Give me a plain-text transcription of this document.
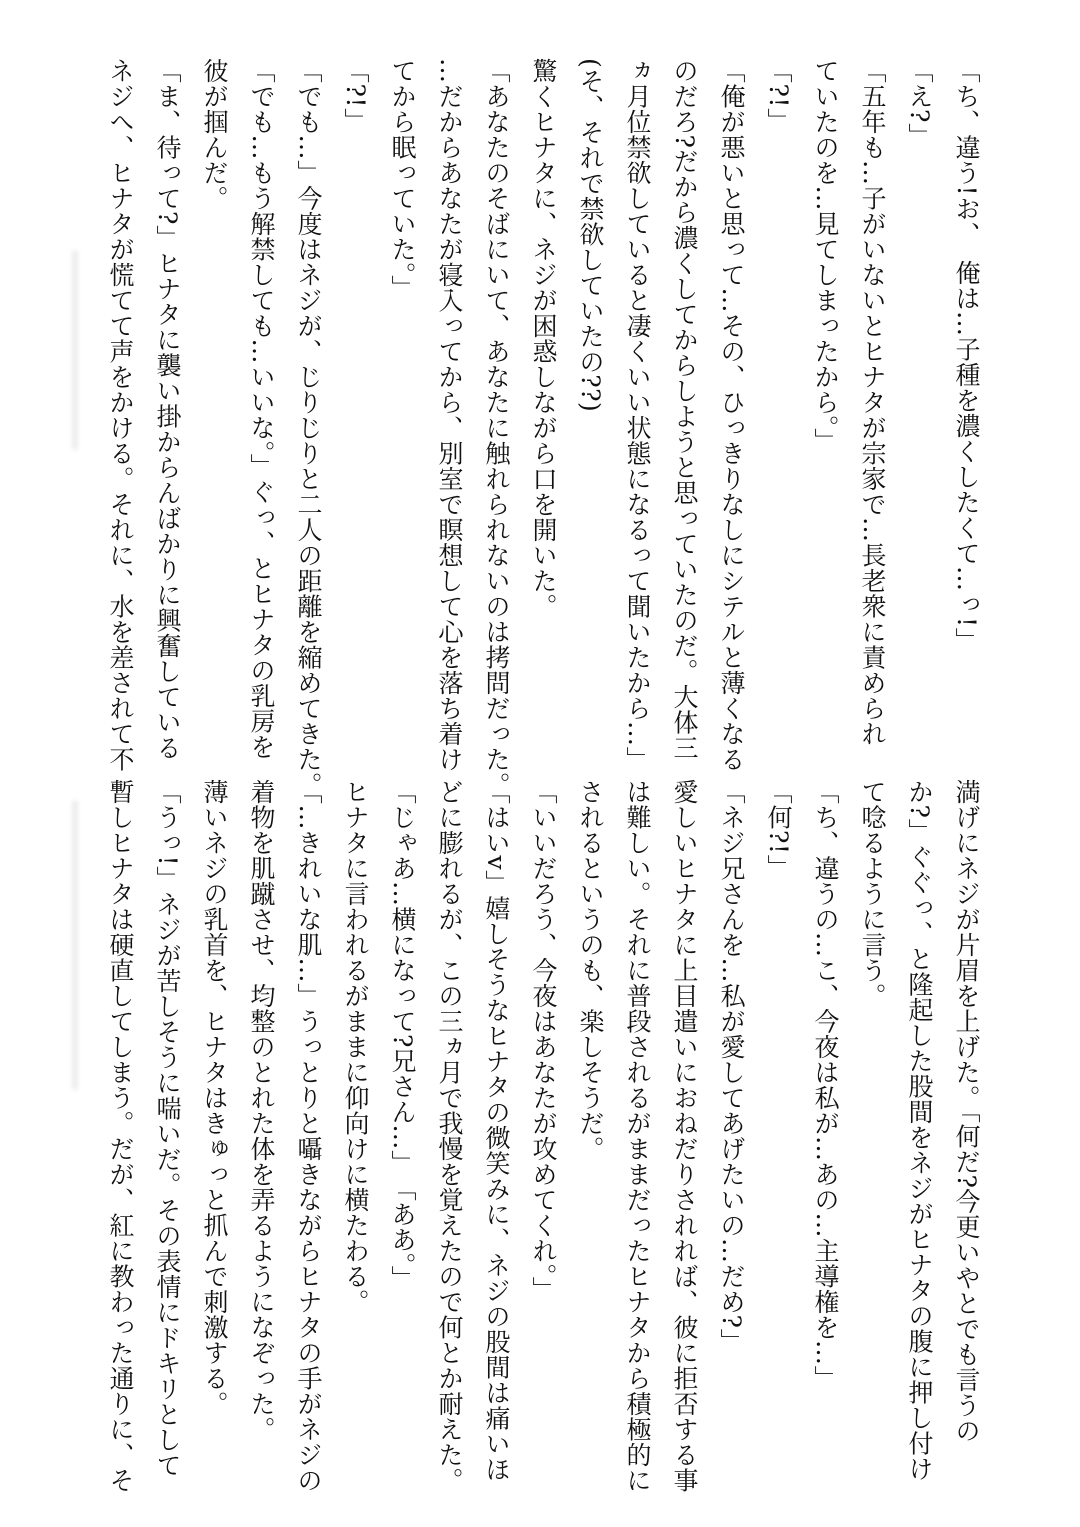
「ち、違う!お、　俺は…子種を濃くしたくて…っ!」

「え?」

「五年も…子がいないとヒナタが宗家で…長老衆に責められ

ていたのを…見てしまったから。」

「?!」

「俺が悪いと思って…その、ひっきりなしにシテルと薄くなる

のだろ?だから濃くしてからしようと思っていたのだ。大体三

ヵ月位禁欲していると凄くいい状態になるって聞いたから…」

(そ、それで禁欲していたの??)

驚くヒナタに、ネジが困惑しながら口を開いた。

「あなたのそばにいて、あなたに触れられないのは拷問だった。

…だからあなたが寝入ってから、別室で瞑想して心を落ち着け

てから眠っていた。」

「?!」

「でも…」今度はネジが、じりじりと二人の距離を縮めてきた。

「でも…もう解禁しても…いいな。」ぐっ、とヒナタの乳房を

彼が掴んだ。

「ま、待って?」ヒナタに襲い掛からんばかりに興奮している

ネジへ、ヒナタが慌てて声をかける。それに、水を差されて不

満げにネジが片眉を上げた。「何だ?今更いやとでも言うの

か?」ぐぐっ、と隆起した股間をネジがヒナタの腹に押し付け

て唸るように言う。

「ち、違うの…こ、今夜は私が…あの…主導権を…」

「何?!」

「ネジ兄さんを…私が愛してあげたいの…だめ?」

愛しいヒナタに上目遣いにおねだりされれば、彼に拒否する事

は難しい。それに普段されるがままだったヒナタから積極的に

されるというのも、楽しそうだ。

「いいだろう、今夜はあなたが攻めてくれ。」

「はいv」嬉しそうなヒナタの微笑みに、ネジの股間は痛いほ

どに膨れるが、この三ヵ月で我慢を覚えたので何とか耐えた。

「じゃあ…横になって?兄さん…」　「ああ。」

ヒナタに言われるがままに仰向けに横たわる。

「…きれいな肌…」うっとりと囁きながらヒナタの手がネジの

着物を肌蹴させ、均整のとれた体を弄るようになぞった。

薄いネジの乳首を、ヒナタはきゅっと抓んで刺激する。

「うっ!」ネジが苦しそうに喘いだ。その表情にドキリとして

暫しヒナタは硬直してしまう。だが、紅に教わった通りに、そ
